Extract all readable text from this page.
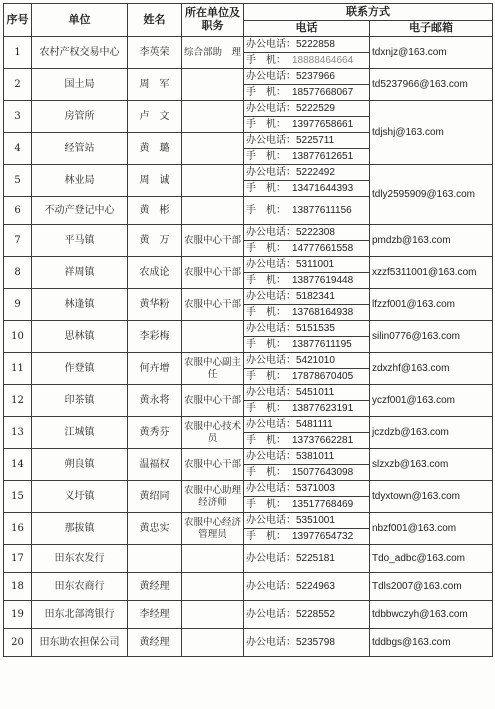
序号	单位	姓名	所在单位及职务	联系方式	
				电话	电子邮箱
1	农村产权交易中心	李英荣	综合部助　理	办公电话：5222858	tdxnjz@163.com
				手　机： 18888464664	
2	国土局	周　军		办公电话：5237966	td5237966@163.com
				手　机： 18577668067	
3	房管所	卢　文		办公电话：5222529	tdjshj@163.com
				手　机： 13977658661	
4	经管站	黄　璐		办公电话：5225711	
				手　机： 13877612651	
5	林业局	周　诚		办公电话：5222492	tdly2595909@163.com
				手　机： 13471644393	
6	不动产登记中心	黄　彬		手　机： 13877611156	
7	平马镇	黄　万	农服中心干部	办公电话：5222308	pmdzb@163.com
				手　机： 14777661558	
8	祥周镇	农成论	农服中心干部	办公电话：5311001	xzzf5311001@163.com
				手　机： 13877619448	
9	林逢镇	黄华粉	农服中心干部	办公电话：5182341	lfzzf001@163.com
				手　机： 13768164938	
10	思林镇	李彩梅		办公电话：5151535	silin0776@163.com
				手　机： 13877611195	
11	作登镇	何卉增	农服中心副主任	办公电话：5421010	zdxzhf@163.com
				手　机： 17878670405	
12	印茶镇	黄永将	农服中心干部	办公电话：5451011	yczf001@163.com
				手　机： 13877623191	
13	江城镇	黄秀芬	农服中心技术员	办公电话：5481111	jczdzb@163.com
				手　机： 13737662281	
14	朔良镇	温福权	农服中心干部	办公电话：5381011	slzxzb@163.com
				手　机： 15077643098	
15	义圩镇	黄绍同	农服中心助理经济师	办公电话：5371003	tdyxtown@163.com
				手　机： 13517768469	
16	那拔镇	黄忠实	农服中心经济管理员	办公电话：5351001	nbzf001@163.com
				手　机： 13977654732	
17	田东农发行			办公电话：5225181	Tdo_adbc@163.com
18	田东农商行	黄经理		办公电话：5224963	Tdls2007@163.com
19	田东北部湾银行	李经理		办公电话：5228552	tdbbwczyh@163.com
20	田东助农担保公司	黄经理		办公电话：5235798	tddbgs@163.com
